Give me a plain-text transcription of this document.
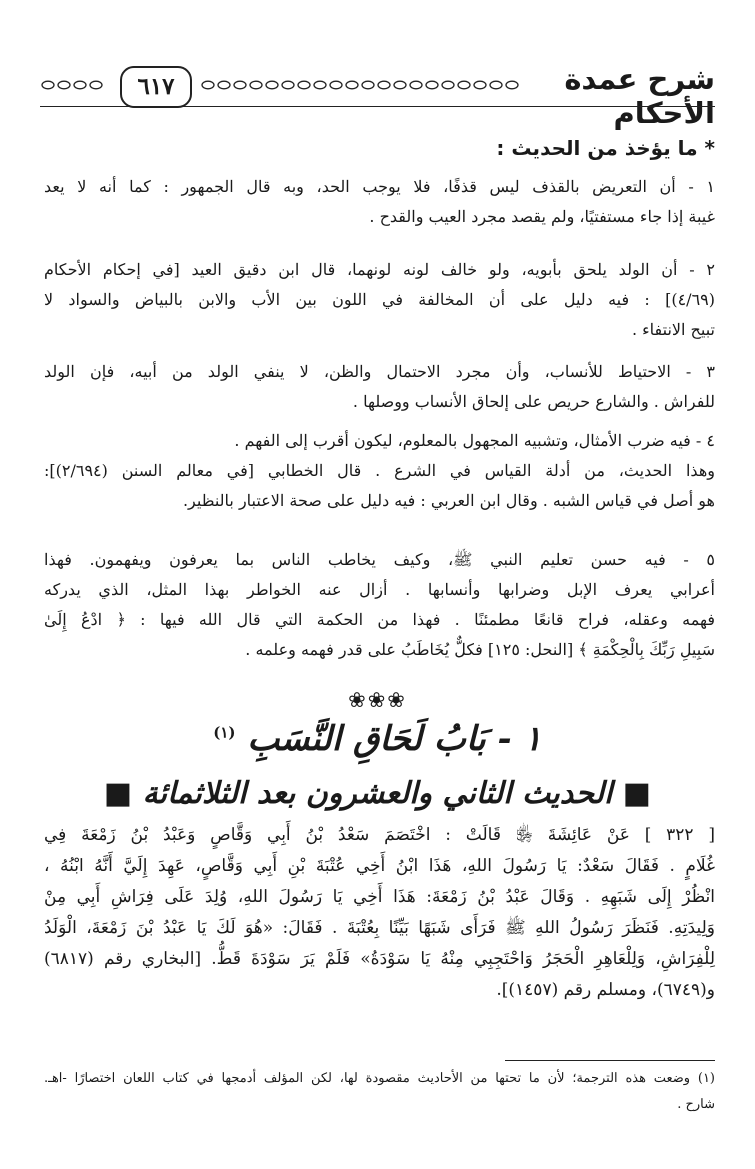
٦١٧	شرح عمدة الأحكام
* ما يؤخذ من الحديث :
١ - أن التعريض بالقذف ليس قذفًا، فلا يوجب الحد، وبه قال الجمهور : كما أنه لا يعد
غيبة إذا جاء مستفتيًا، ولم يقصد مجرد العيب والقدح .
٢ - أن الولد يلحق بأبويه، ولو خالف لونه لونهما، قال ابن دقيق العيد [في إحكام الأحكام
(٤/٦٩)] : فيه دليل على أن المخالفة في اللون بين الأب والابن بالبياض والسواد لا
تبيح الانتفاء .
٣ - الاحتياط للأنساب، وأن مجرد الاحتمال والظن، لا ينفي الولد من أبيه، فإن الولد
للفراش . والشارع حريص على إلحاق الأنساب ووصلها .
٤ - فيه ضرب الأمثال، وتشبيه المجهول بالمعلوم، ليكون أقرب إلى الفهم .
وهذا الحديث، من أدلة القياس في الشرع . قال الخطابي [في معالم السنن (٢/٦٩٤)]:
هو أصل في قياس الشبه . وقال ابن العربي : فيه دليل على صحة الاعتبار بالنظير.
٥ - فيه حسن تعليم النبي ﷺ، وكيف يخاطب الناس بما يعرفون ويفهمون. فهذا
أعرابي يعرف الإبل وضرابها وأنسابها . أزال عنه الخواطر بهذا المثل، الذي يدركه
فهمه وعقله، فراح قانعًا مطمئنًا . فهذا من الحكمة التي قال الله فيها : ﴿ ادْعُ إِلَىٰ
سَبِيلِ رَبِّكَ بِالْحِكْمَةِ ﴾ [النحل: ١٢٥] فكلٌّ يُخَاطَبُ على قدر فهمه وعلمه .
❀❀❀
١ - بَابُ لَحَاقِ النَّسَبِ $^{(١)}$
■ الحديث الثاني والعشرون بعد الثلاثمائة ■
[ ٣٢٢ ] عَنْ عَائِشَةَ ﵂ قَالَتْ : اخْتَصَمَ سَعْدُ بْنُ أَبِي وَقَّاصٍ وَعَبْدُ بْنُ زَمْعَةَ فِي
غُلَامٍ . فَقَالَ سَعْدٌ: يَا رَسُولَ اللهِ، هَذَا ابْنُ أَخِي عُتْبَةَ بْنِ أَبِي وَقَّاصٍ، عَهِدَ إِلَيَّ أَنَّهُ ابْنُهُ ،
انْظُرْ إِلَى شَبَهِهِ . وَقَالَ عَبْدُ بْنُ زَمْعَةَ: هَذَا أَخِي يَا رَسُولَ اللهِ، وُلِدَ عَلَى فِرَاشِ أَبِي مِنْ
وَلِيدَتِهِ. فَنَظَرَ رَسُولُ اللهِ ﷺ فَرَأَى شَبَهًا بَيِّنًا بِعُتْبَةَ . فَقَالَ: «هُوَ لَكَ يَا عَبْدُ بْنَ زَمْعَةَ، الْوَلَدُ
لِلْفِرَاشِ، وَلِلْعَاهِرِ الْحَجَرُ وَاحْتَجِبِي مِنْهُ يَا سَوْدَةُ» فَلَمْ يَرَ سَوْدَةَ قَطُّ. [البخاري رقم (٦٨١٧)
و(٦٧٤٩)، ومسلم رقم (١٤٥٧)].
(١) وضعت هذه الترجمة؛ لأن ما تحتها من الأحاديث مقصودة لها، لكن المؤلف أدمجها في كتاب اللعان اختصارًا -اهـ.
شارح .
